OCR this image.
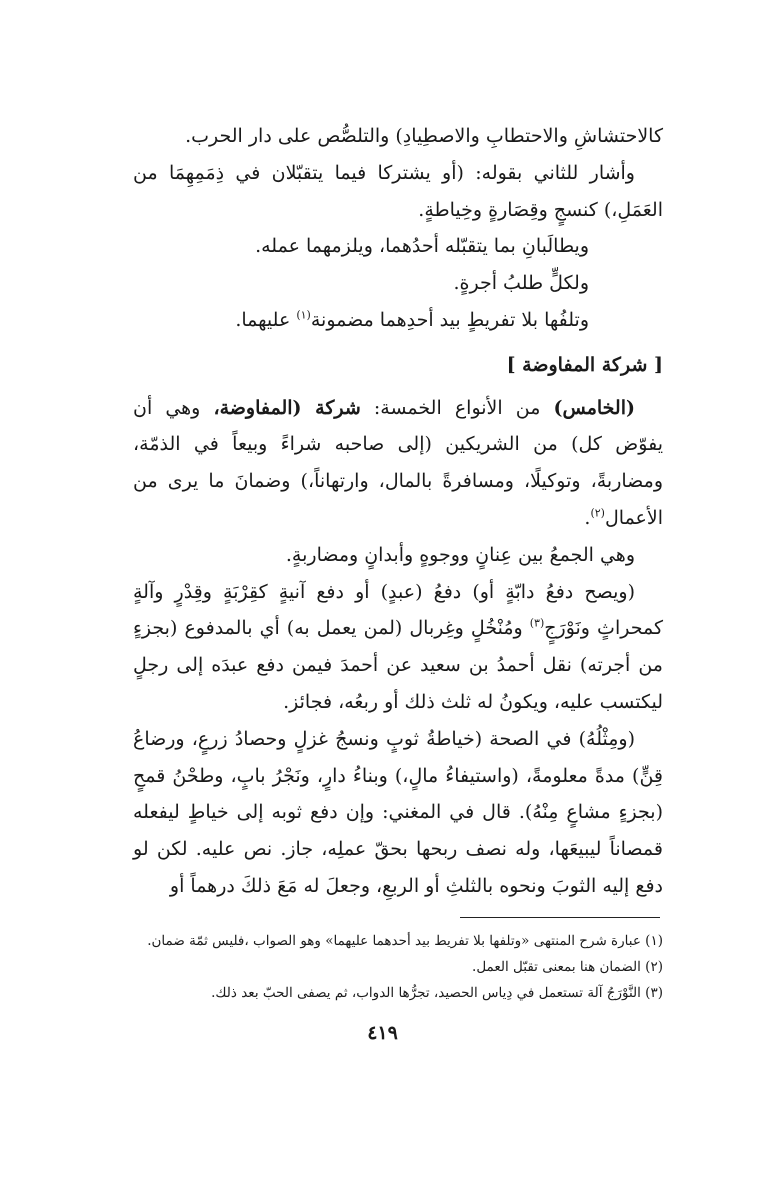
كالاحتشاشِ والاحتطابِ والاصطِيادِ) والتلصُّص على دار الحرب.

وأشار للثاني بقوله: (أو يشتركا فيما يتقبّلان في ذِمَمِهِمَا من العَمَلِ،) كنسجٍ وقِصَارةٍ وخِياطةٍ.

ويطالَبانِ بما يتقبّله أحدُهما، ويلزمهما عمله.

ولكلٍّ طلبُ أجرةٍ.

وتلفُها بلا تفريطٍ بيد أحدِهما مضمونة$^{(١)}$ عليهما.

[ شركة المفاوضة ]

(الخامس) من الأنواع الخمسة: شركة (المفاوضة، وهي أن يفوّض كل) من الشريكين (إلى صاحبه شراءً وبيعاً في الذمّة، ومضاربةً، وتوكيلًا، ومسافرةً بالمال، وارتهاناً،) وضمانَ ما يرى من الأعمال$^{(٢)}$.

وهي الجمعُ بين عِنانٍ ووجوهٍ وأبدانٍ ومضاربةٍ.

(ويصح دفعُ دابّةٍ أو) دفعُ (عبدٍ) أو دفع آنيةٍ كقِرْبَةٍ وقِدْرٍ وآلةٍ كمحراثٍ ونَوْرَجٍ$^{(٣)}$ ومُنْخُلٍ وغِربال (لمن يعمل به) أي بالمدفوع (بجزءٍ من أجرته) نقل أحمدُ بن سعيد عن أحمدَ فيمن دفع عبدَه إلى رجلٍ ليكتسب عليه، ويكونُ له ثلث ذلك أو ربعُه، فجائز.

(ومِثْلُهُ) في الصحة (خياطةُ ثوبٍ ونسجُ غزلٍ وحصادُ زرعٍ، ورضاعُ قِنٍّ) مدةً معلومةً، (واستيفاءُ مالٍ،) وبناءُ دارٍ، ونَجْرُ بابٍ، وطحْنُ قمحٍ (بجزءٍ مشاعٍ مِنْهُ). قال في المغني: وإن دفع ثوبه إلى خياطٍ ليفعله قمصاناً ليبيعَها، وله نصف ربحها بحقّ عملِه، جاز. نص عليه. لكن لو دفع إليه الثوبَ ونحوه بالثلثِ أو الربعِ، وجعلَ له مَعَ ذلكَ درهماً أو

(١) عبارة شرح المنتهى «وتلفها بلا تفريط بيد أحدهما عليهما» وهو الصواب ،فليس ثمّة ضمان.

(٢) الضمان هنا بمعنى تقبّل العمل.

(٣) النَّوْرَجُ آلة تستعمل في دِياس الحصيد، تجرُّها الدواب، ثم يصفى الحبّ بعد ذلك.

٤١٩
